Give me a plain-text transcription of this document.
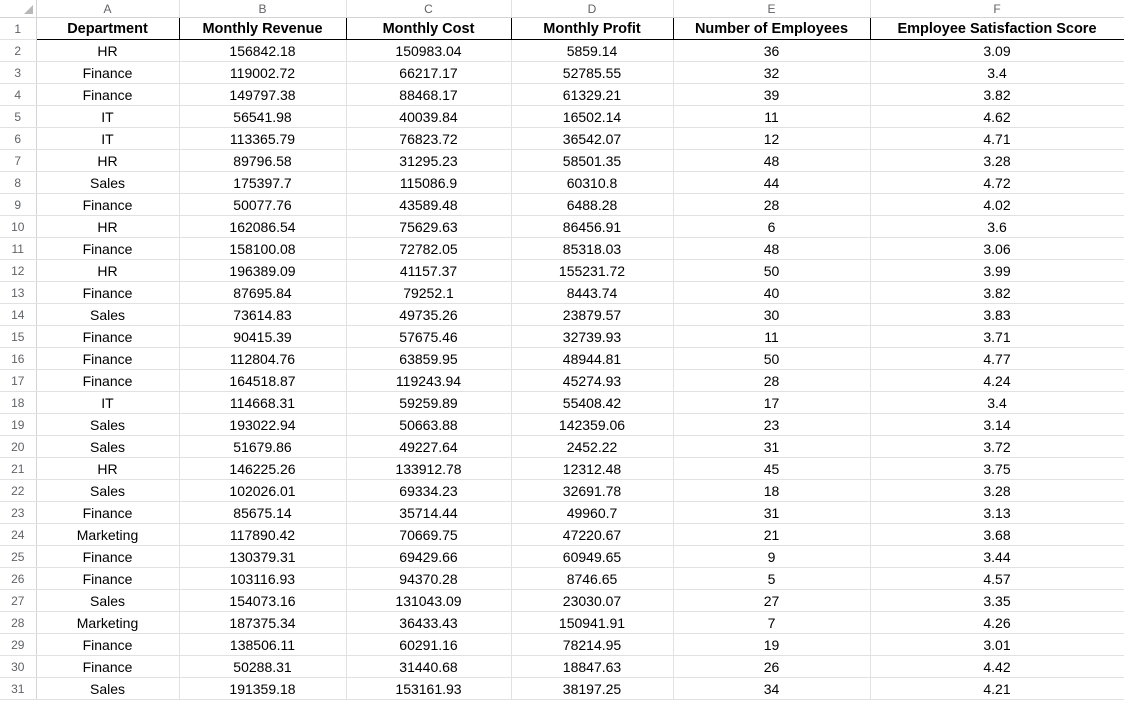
	A	B	C	D	E	F
1	Department	Monthly Revenue	Monthly Cost	Monthly Profit	Number of Employees	Employee Satisfaction Score
2	HR	156842.18	150983.04	5859.14	36	3.09
3	Finance	119002.72	66217.17	52785.55	32	3.4
4	Finance	149797.38	88468.17	61329.21	39	3.82
5	IT	56541.98	40039.84	16502.14	11	4.62
6	IT	113365.79	76823.72	36542.07	12	4.71
7	HR	89796.58	31295.23	58501.35	48	3.28
8	Sales	175397.7	115086.9	60310.8	44	4.72
9	Finance	50077.76	43589.48	6488.28	28	4.02
10	HR	162086.54	75629.63	86456.91	6	3.6
11	Finance	158100.08	72782.05	85318.03	48	3.06
12	HR	196389.09	41157.37	155231.72	50	3.99
13	Finance	87695.84	79252.1	8443.74	40	3.82
14	Sales	73614.83	49735.26	23879.57	30	3.83
15	Finance	90415.39	57675.46	32739.93	11	3.71
16	Finance	112804.76	63859.95	48944.81	50	4.77
17	Finance	164518.87	119243.94	45274.93	28	4.24
18	IT	114668.31	59259.89	55408.42	17	3.4
19	Sales	193022.94	50663.88	142359.06	23	3.14
20	Sales	51679.86	49227.64	2452.22	31	3.72
21	HR	146225.26	133912.78	12312.48	45	3.75
22	Sales	102026.01	69334.23	32691.78	18	3.28
23	Finance	85675.14	35714.44	49960.7	31	3.13
24	Marketing	117890.42	70669.75	47220.67	21	3.68
25	Finance	130379.31	69429.66	60949.65	9	3.44
26	Finance	103116.93	94370.28	8746.65	5	4.57
27	Sales	154073.16	131043.09	23030.07	27	3.35
28	Marketing	187375.34	36433.43	150941.91	7	4.26
29	Finance	138506.11	60291.16	78214.95	19	3.01
30	Finance	50288.31	31440.68	18847.63	26	4.42
31	Sales	191359.18	153161.93	38197.25	34	4.21
